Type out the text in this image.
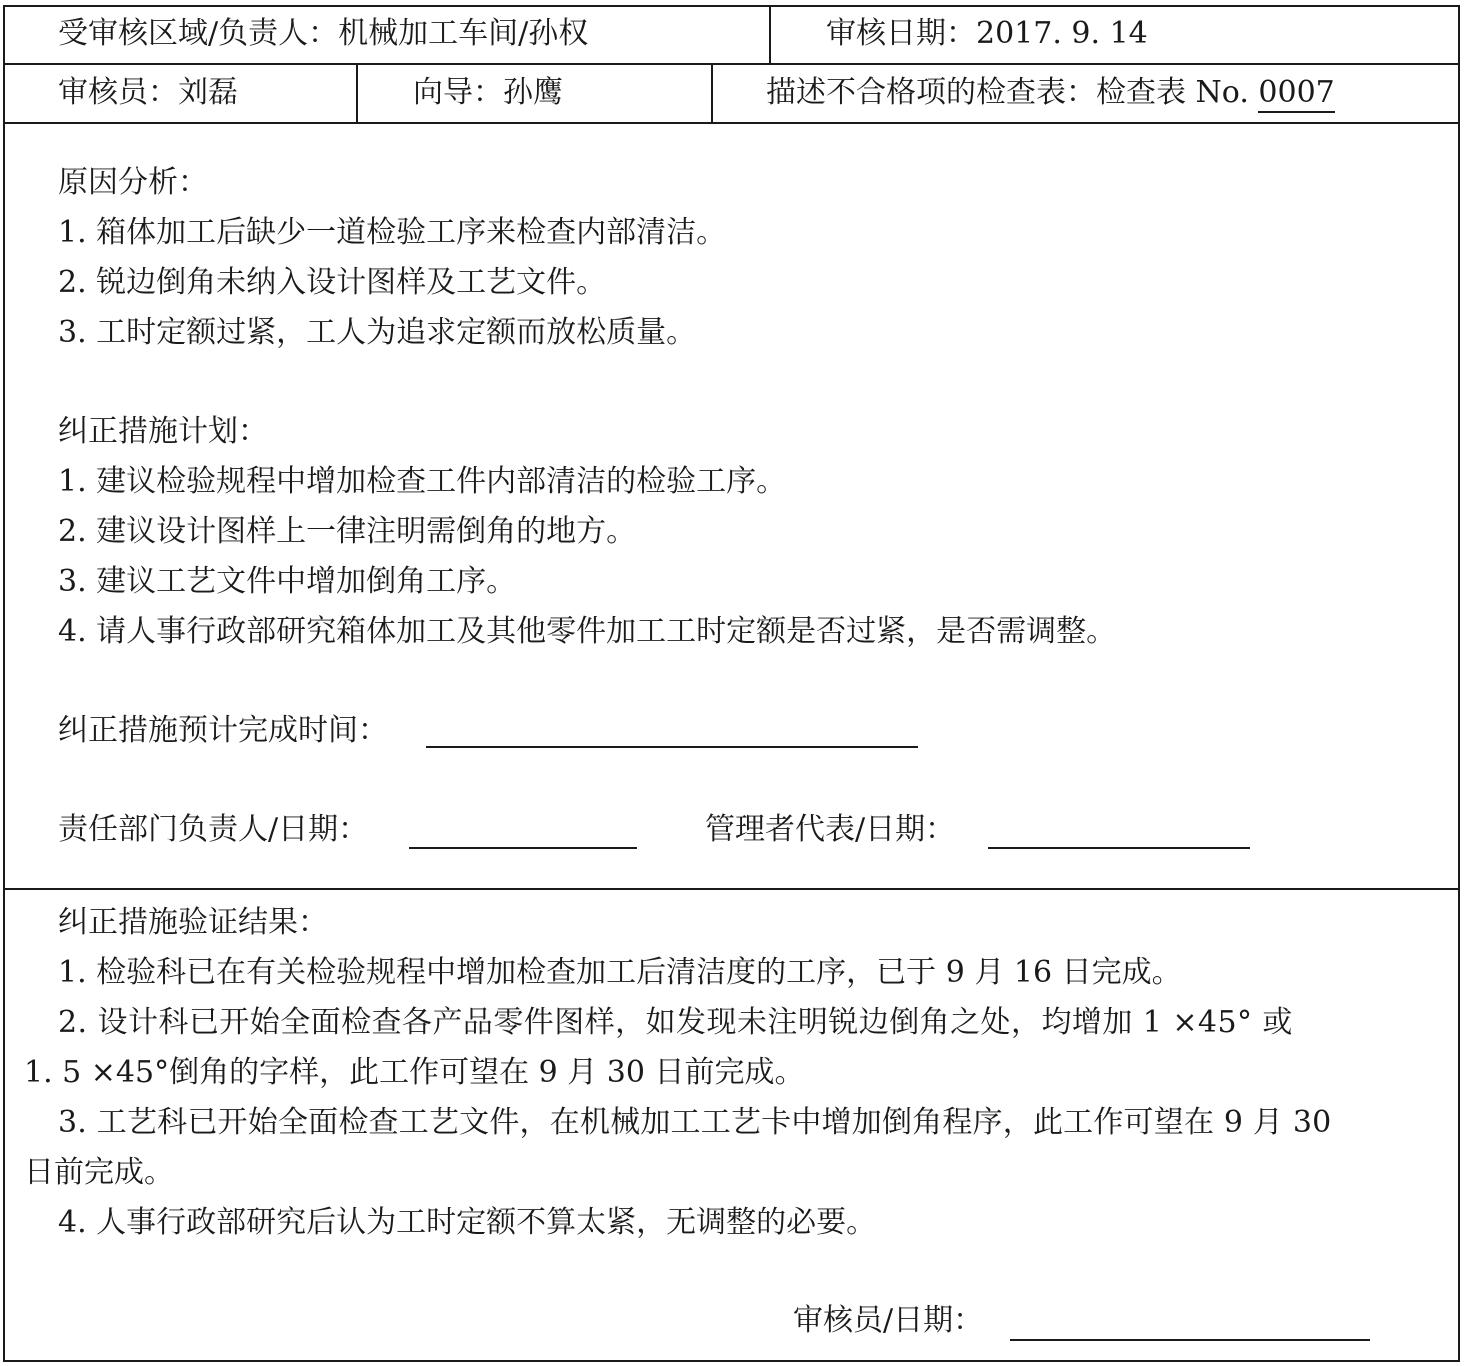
受审核区域/负责人：机械加工车间/孙权	审核日期：2017. 9. 14
审核员：刘磊	向导：孙鹰	描述不合格项的检查表：检查表 No. 0007
原因分析：
1. 箱体加工后缺少一道检验工序来检查内部清洁。
2. 锐边倒角未纳入设计图样及工艺文件。
3. 工时定额过紧，工人为追求定额而放松质量。
纠正措施计划：
1. 建议检验规程中增加检查工件内部清洁的检验工序。
2. 建议设计图样上一律注明需倒角的地方。
3. 建议工艺文件中增加倒角工序。
4. 请人事行政部研究箱体加工及其他零件加工工时定额是否过紧，是否需调整。
纠正措施预计完成时间：
责任部门负责人/日期：	管理者代表/日期：
纠正措施验证结果：
1. 检验科已在有关检验规程中增加检查加工后清洁度的工序，已于 9 月 16 日完成。
2. 设计科已开始全面检查各产品零件图样，如发现未注明锐边倒角之处，均增加 1 ×45° 或
1. 5 ×45°倒角的字样，此工作可望在 9 月 30 日前完成。
3. 工艺科已开始全面检查工艺文件，在机械加工工艺卡中增加倒角程序，此工作可望在 9 月 30
日前完成。
4. 人事行政部研究后认为工时定额不算太紧，无调整的必要。
审核员/日期：
